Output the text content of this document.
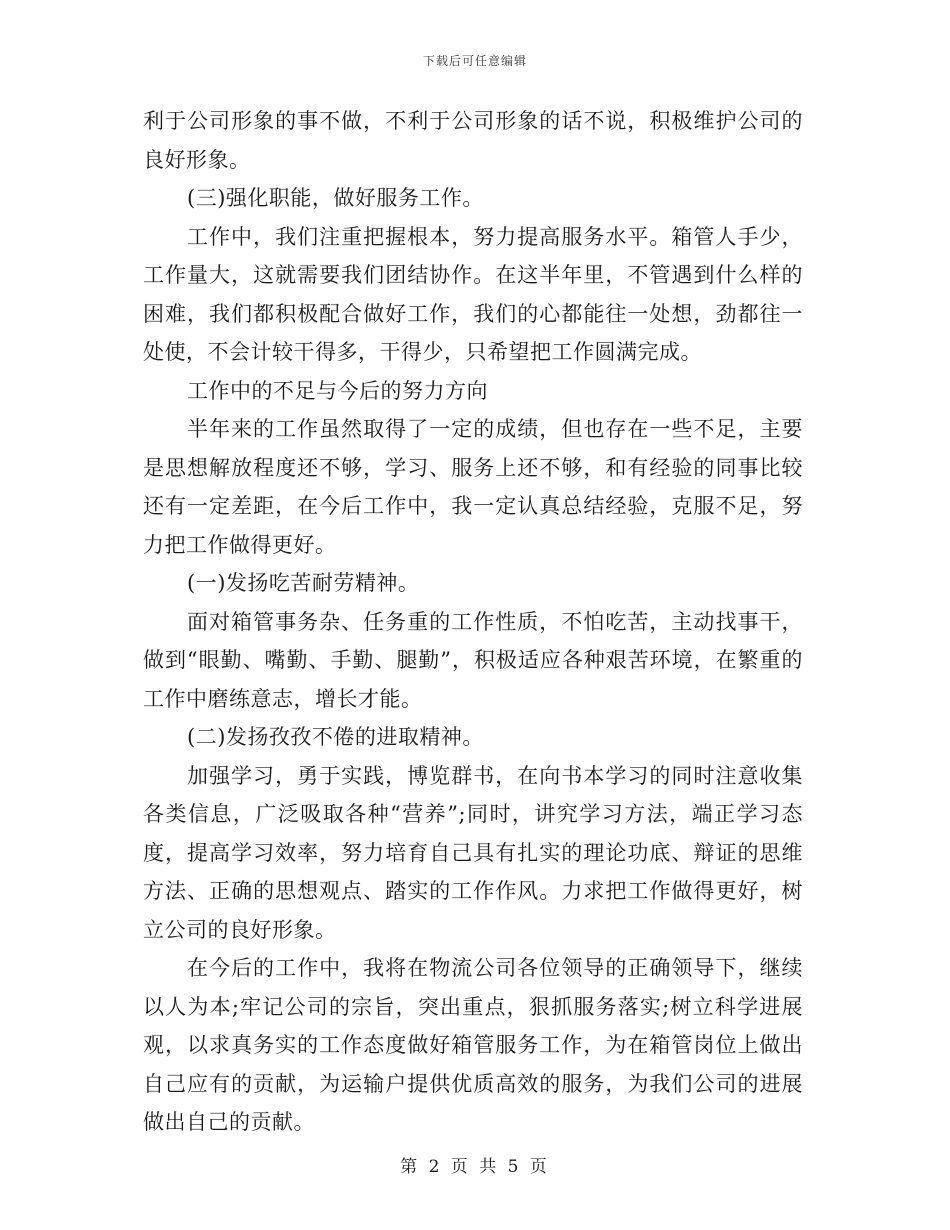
下载后可任意编辑

利于公司形象的事不做，不利于公司形象的话不说，积极维护公司的良好形象。

(三)强化职能，做好服务工作。

工作中，我们注重把握根本，努力提高服务水平。箱管人手少，工作量大，这就需要我们团结协作。在这半年里，不管遇到什么样的困难，我们都积极配合做好工作，我们的心都能往一处想，劲都往一处使，不会计较干得多，干得少，只希望把工作圆满完成。

工作中的不足与今后的努力方向

半年来的工作虽然取得了一定的成绩，但也存在一些不足，主要是思想解放程度还不够，学习、服务上还不够，和有经验的同事比较还有一定差距，在今后工作中，我一定认真总结经验，克服不足，努力把工作做得更好。

(一)发扬吃苦耐劳精神。

面对箱管事务杂、任务重的工作性质，不怕吃苦，主动找事干，做到“眼勤、嘴勤、手勤、腿勤”，积极适应各种艰苦环境，在繁重的工作中磨练意志，增长才能。

(二)发扬孜孜不倦的进取精神。

加强学习，勇于实践，博览群书，在向书本学习的同时注意收集各类信息，广泛吸取各种“营养”;同时，讲究学习方法，端正学习态度，提高学习效率，努力培育自己具有扎实的理论功底、辩证的思维方法、正确的思想观点、踏实的工作作风。力求把工作做得更好，树立公司的良好形象。

在今后的工作中，我将在物流公司各位领导的正确领导下，继续以人为本;牢记公司的宗旨，突出重点，狠抓服务落实;树立科学进展观，以求真务实的工作态度做好箱管服务工作，为在箱管岗位上做出自己应有的贡献，为运输户提供优质高效的服务，为我们公司的进展做出自己的贡献。

第 2 页 共 5 页
